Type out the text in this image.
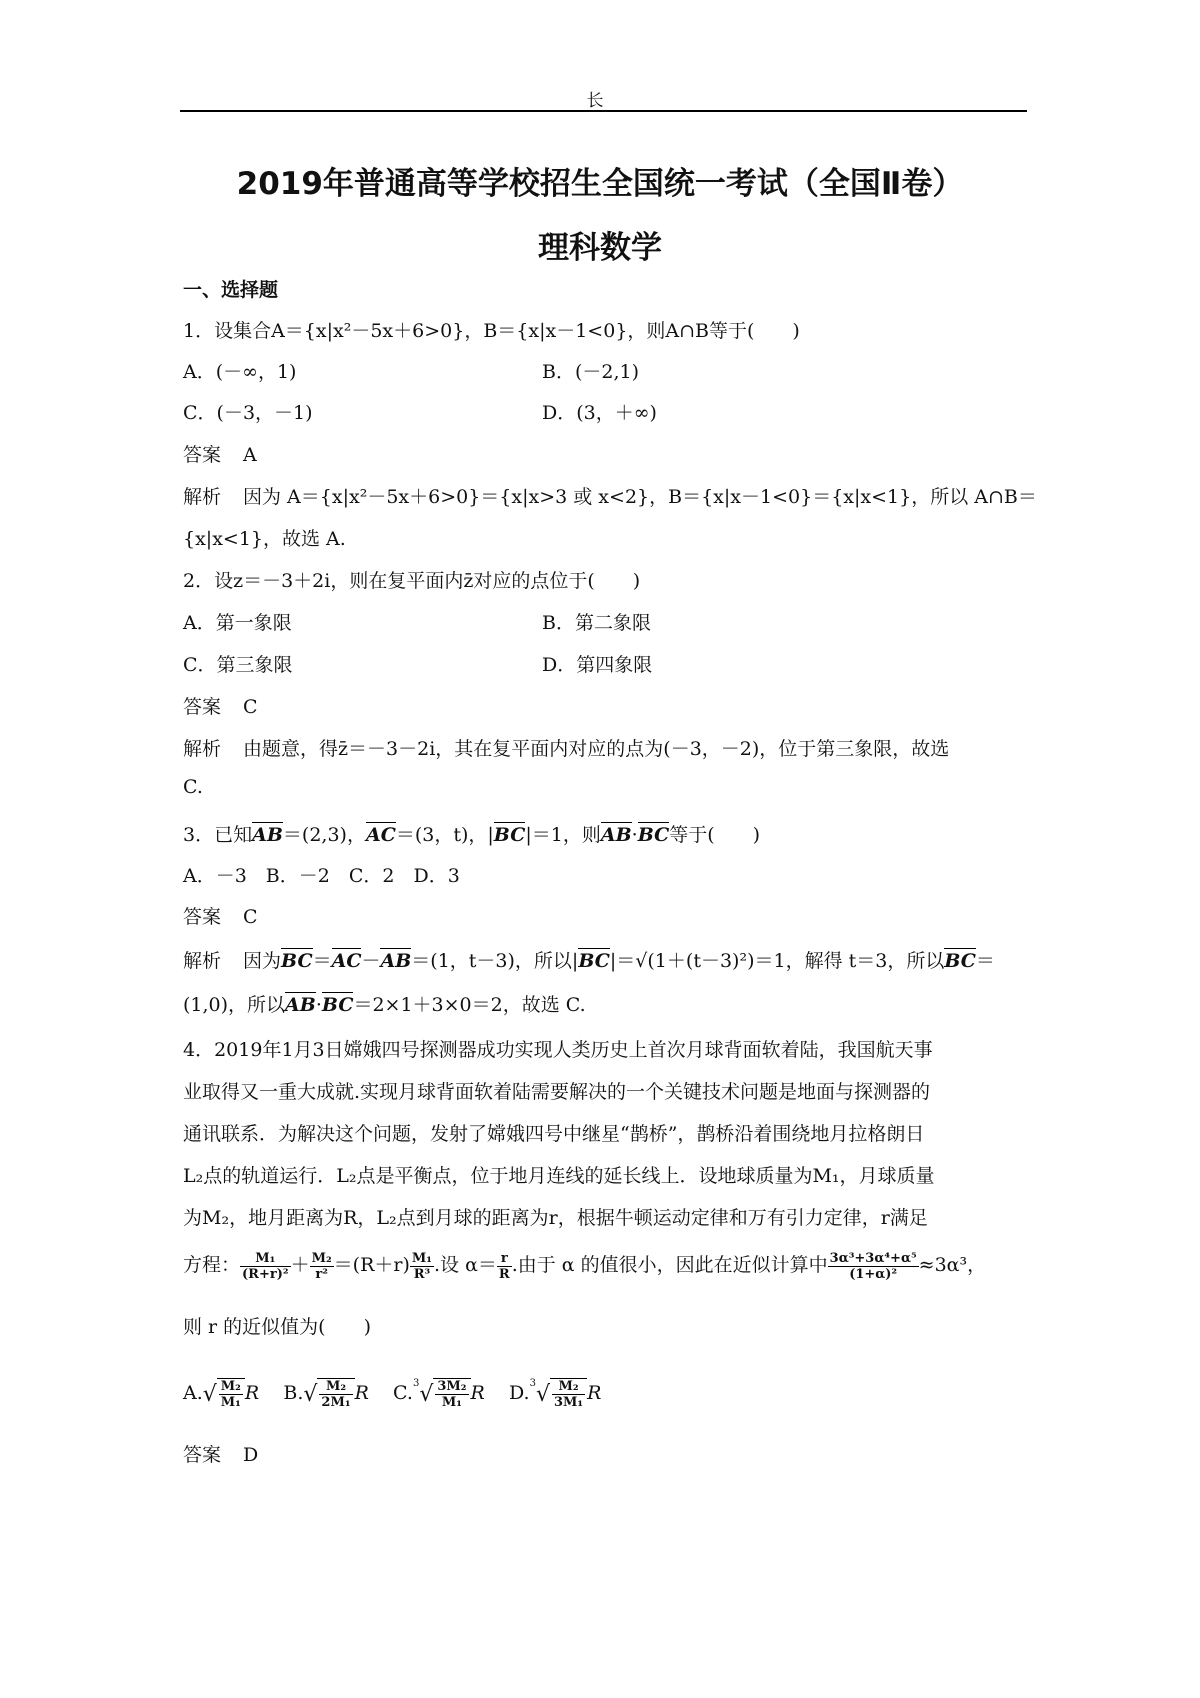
长
2019年普通高等学校招生全国统一考试（全国Ⅱ卷）
理科数学
一、选择题
1．设集合A＝{x|x²－5x＋6>0}，B＝{x|x－1<0}，则A∩B等于(　　)
A．(－∞，1)	B．(－2,1)
C．(－3，－1)	D．(3，＋∞)
答案 A
解析 因为 A＝{x|x²－5x＋6>0}＝{x|x>3 或 x<2}，B＝{x|x－1<0}＝{x|x<1}，所以 A∩B＝
{x|x<1}，故选 A.
2．设z＝－3＋2i，则在复平面内z̄对应的点位于(　　)
A．第一象限	B．第二象限
C．第三象限	D．第四象限
答案 C
解析 由题意，得z̄＝－3－2i，其在复平面内对应的点为(－3，－2)，位于第三象限，故选
C.
3．已知AB＝(2,3)，AC＝(3，t)，|BC|＝1，则AB·BC等于(　　)
A．－3　B．－2　C．2　D．3
答案 C
解析 因为BC＝AC－AB＝(1，t－3)，所以|BC|＝√(1＋(t－3)²)＝1，解得 t＝3，所以BC＝
(1,0)，所以AB·BC＝2×1＋3×0＝2，故选 C.
4．2019年1月3日嫦娥四号探测器成功实现人类历史上首次月球背面软着陆，我国航天事
业取得又一重大成就.实现月球背面软着陆需要解决的一个关键技术问题是地面与探测器的
通讯联系．为解决这个问题，发射了嫦娥四号中继星“鹊桥”，鹊桥沿着围绕地月拉格朗日
L₂点的轨道运行．L₂点是平衡点，位于地月连线的延长线上．设地球质量为M₁，月球质量
为M₂，地月距离为R，L₂点到月球的距离为r，根据牛顿运动定律和万有引力定律，r满足
方程： $\frac{\text{M₁}}{\text{(R+r)²}} + \frac{\text{M₂}}{\text{r²}} =(R+r) \frac{\text{M₁}}{\text{R³}}$ .设 $\alpha= \frac{r}{R}$ .由于 α 的值很小，因此在近似计算中 $\frac{\text{3α³+3α⁴+α⁵}}{\text{(1+α)²}} \approx 3\alpha^3$，
则 r 的近似值为(　　)
$A.√ \frac{\text{M₂}}{\text{M₁}}$ R $B.√ \frac{\text{M₂}}{\text{2M₁}}$ R $C.^3√ \frac{\text{3M₂}}{\text{M₁}}$ R $D.^3√ \frac{\text{M₂}}{\text{3M₁}}$ R
答案 D
